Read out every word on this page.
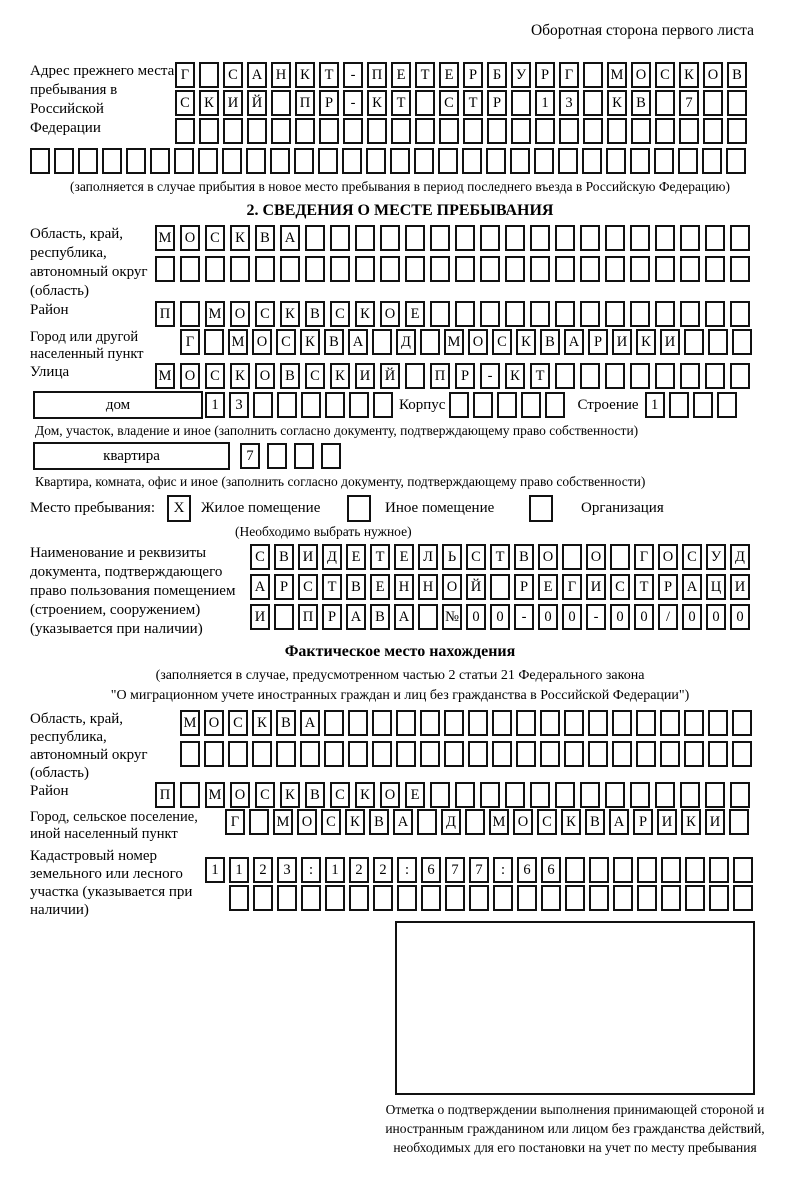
Оборотная сторона первого листа
Адрес прежнего места пребывания в Российской Федерации
Г	С А Н К	Т	-	П Е	Т	Е	Р	Б	У	Р	Г	М О С К О В
С К И Й	П	Р	-	К	Т	С	Т	Р	1	3	К В	7
(заполняется в случае прибытия в новое место пребывания в период последнего въезда в Российскую Федерацию)
2. СВЕДЕНИЯ О МЕСТЕ ПРЕБЫВАНИЯ
Область, край, республика, автономный округ (область)
М О	С	К	В	А
Район	П	М О	С	К	В	С	К	О	Е
Город или другой населенный пункт
Г	М О С К В А	Д	М О С К В А	Р	И К И
Улица	М О	С	К	О	В	С	К	И	Й	П	Р	-	К	Т
дом	1	3	Корпус	Строение 1
Дом, участок, владение и иное (заполнить согласно документу, подтверждающему право собственности)
квартира	7
Квартира, комната, офис и иное (заполнить согласно документу, подтверждающему право собственности)
Место пребывания:	X	Жилое помещение	Иное помещение	Организация
(Необходимо выбрать нужное)
Наименование и реквизиты документа, подтверждающего право пользования помещением (строением, сооружением) (указывается при наличии)
С В И Д	Е	Т	Е	Л	Ь	С	Т	В О	О	Г	О С У Д
А	Р	С	Т	В	Е Н Н О Й	Р	Е	Г	И С	Т	Р	А Ц И
И	П	Р	А В А	№ 0	0	-	0	0	-	0	0	/	0	0	0
Фактическое место нахождения
(заполняется в случае, предусмотренном частью 2 статьи 21 Федерального закона
"О миграционном учете иностранных граждан и лиц без гражданства в Российской Федерации")
Область, край, республика, автономный округ (область)
М О С К В А
Район	П	М О	С	К	В	С	К	О	Е
Город, сельское поселение, иной населенный пункт
Г	М О С К В А	Д	М О С К В А	Р	И К И
Кадастровый номер земельного или лесного участка (указывается при наличии)
1	1	2	3	:	1	2	2	:	6	7	7	:	6	6
Отметка о подтверждении выполнения принимающей стороной и иностранным гражданином или лицом без гражданства действий, необходимых для его постановки на учет по месту пребывания
